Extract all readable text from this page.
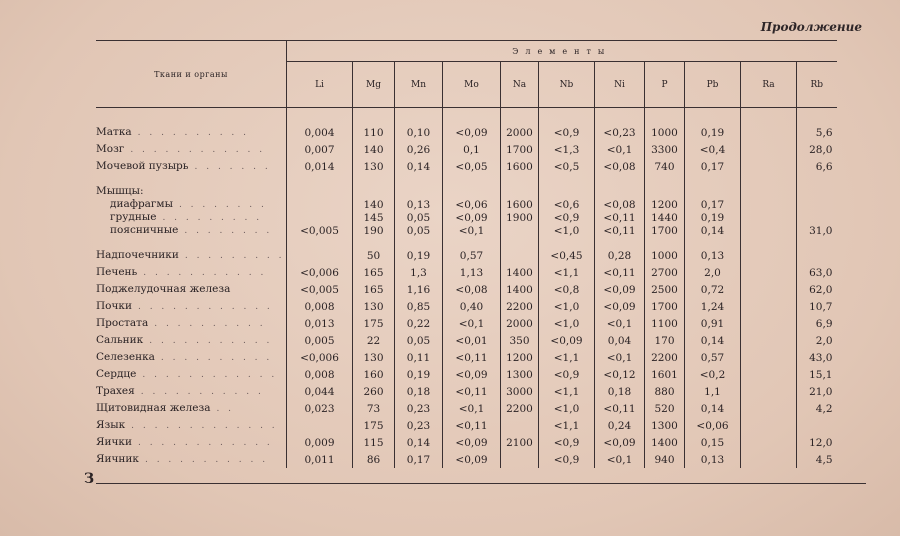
Продолжение
Ткани и органы	Элементы										
	Li	Mg	Mn	Mo	Na	Nb	Ni	P	Pb	Ra	Rb

Матка . . . . . . . . . .	0,004	110	0,10	<0,09	2000	<0,9	<0,23	1000	0,19		5,6
Мозг . . . . . . . . . . . .	0,007	140	0,26	0,1	1700	<1,3	<0,1	3300	<0,4		28,0
Мочевой пузырь . . . . . . .	0,014	130	0,14	<0,05	1600	<0,5	<0,08	740	0,17		6,6

Мышцы:											
диафрагмы . . . . . . . .		140	0,13	<0,06	1600	<0,6	<0,08	1200	0,17		
грудные . . . . . . . . .		145	0,05	<0,09	1900	<0,9	<0,11	1440	0,19		
поясничные . . . . . . . .	<0,005	190	0,05	<0,1		<1,0	<0,11	1700	0,14		31,0

Надпочечники . . . . . . . . .		50	0,19	0,57		<0,45	0,28	1000	0,13		
Печень . . . . . . . . . . .	<0,006	165	1,3	1,13	1400	<1,1	<0,11	2700	2,0		63,0
Поджелудочная железа	<0,005	165	1,16	<0,08	1400	<0,8	<0,09	2500	0,72		62,0
Почки . . . . . . . . . . . .	0,008	130	0,85	0,40	2200	<1,0	<0,09	1700	1,24		10,7
Простата . . . . . . . . . .	0,013	175	0,22	<0,1	2000	<1,0	<0,1	1100	0,91		6,9
Сальник . . . . . . . . . . .	0,005	22	0,05	<0,01	350	<0,09	0,04	170	0,14		2,0
Селезенка . . . . . . . . . .	<0,006	130	0,11	<0,11	1200	<1,1	<0,1	2200	0,57		43,0
Сердце . . . . . . . . . . . .	0,008	160	0,19	<0,09	1300	<0,9	<0,12	1601	<0,2		15,1
Трахея . . . . . . . . . . .	0,044	260	0,18	<0,11	3000	<1,1	0,18	880	1,1		21,0
Щитовидная железа . .	0,023	73	0,23	<0,1	2200	<1,0	<0,11	520	0,14		4,2
Язык . . . . . . . . . . . . .		175	0,23	<0,11		<1,1	0,24	1300	<0,06		
Яички . . . . . . . . . . . .	0,009	115	0,14	<0,09	2100	<0,9	<0,09	1400	0,15		12,0
Яичник . . . . . . . . . . .	0,011	86	0,17	<0,09		<0,9	<0,1	940	0,13		4,5
З
